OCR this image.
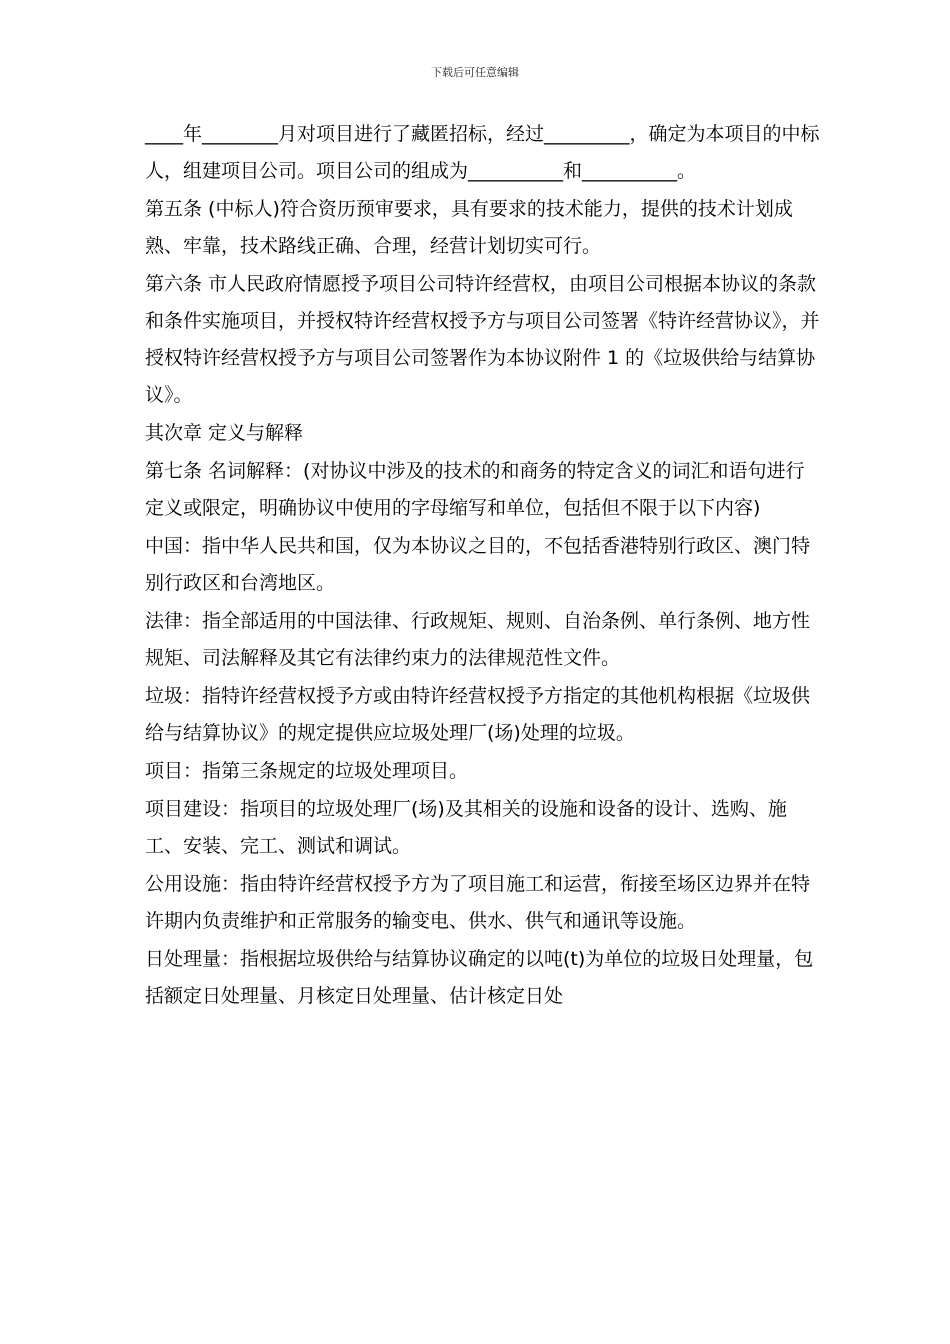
下载后可任意编辑

____年________月对项目进行了藏匿招标，经过_________，确定为本项目的中标人，组建项目公司。项目公司的组成为__________和__________。

第五条 (中标人)符合资历预审要求，具有要求的技术能力，提供的技术计划成熟、牢靠，技术路线正确、合理，经营计划切实可行。

第六条 市人民政府情愿授予项目公司特许经营权，由项目公司根据本协议的条款和条件实施项目，并授权特许经营权授予方与项目公司签署《特许经营协议》，并授权特许经营权授予方与项目公司签署作为本协议附件 1 的《垃圾供给与结算协议》。

其次章 定义与解释

第七条 名词解释：(对协议中涉及的技术的和商务的特定含义的词汇和语句进行定义或限定，明确协议中使用的字母缩写和单位，包括但不限于以下内容)

中国：指中华人民共和国，仅为本协议之目的，不包括香港特别行政区、澳门特别行政区和台湾地区。

法律：指全部适用的中国法律、行政规矩、规则、自治条例、单行条例、地方性规矩、司法解释及其它有法律约束力的法律规范性文件。

垃圾：指特许经营权授予方或由特许经营权授予方指定的其他机构根据《垃圾供给与结算协议》的规定提供应垃圾处理厂(场)处理的垃圾。

项目：指第三条规定的垃圾处理项目。

项目建设：指项目的垃圾处理厂(场)及其相关的设施和设备的设计、选购、施工、安装、完工、测试和调试。

公用设施：指由特许经营权授予方为了项目施工和运营，衔接至场区边界并在特许期内负责维护和正常服务的输变电、供水、供气和通讯等设施。

日处理量：指根据垃圾供给与结算协议确定的以吨(t)为单位的垃圾日处理量，包括额定日处理量、月核定日处理量、估计核定日处
